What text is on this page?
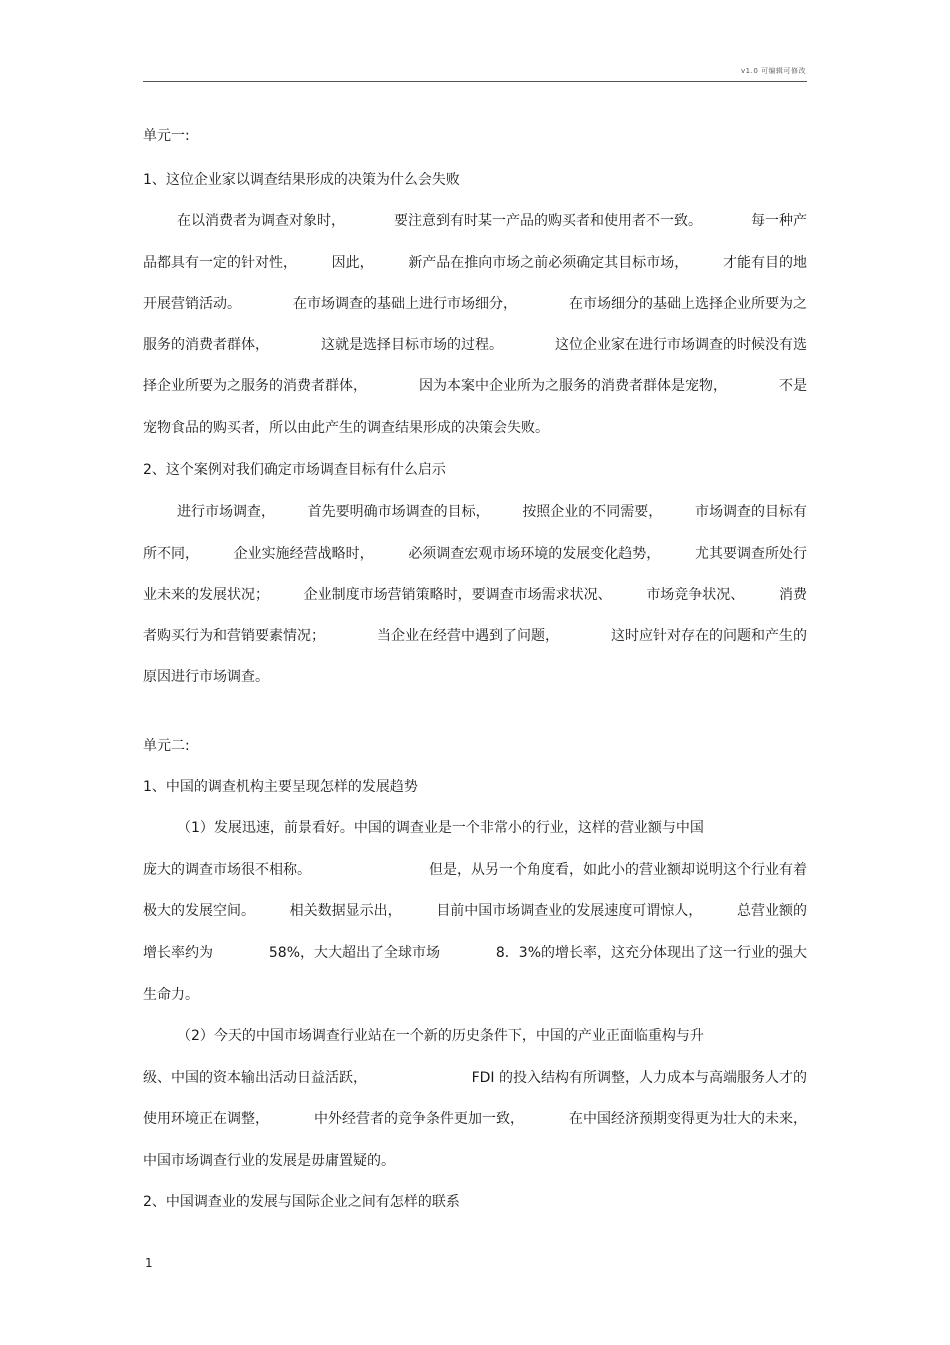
v1.0 可编辑可修改
单元一:
1、这位企业家以调查结果形成的决策为什么会失败
在以消费者为调查对象时，	要注意到有时某一产品的购买者和使用者不一致。	每一种产
品都具有一定的针对性， 因此， 新产品在推向市场之前必须确定其目标市场， 才能有目的地
开展营销活动。	在市场调查的基础上进行市场细分，	在市场细分的基础上选择企业所要为之
服务的消费者群体，	这就是选择目标市场的过程。	这位企业家在进行市场调查的时候没有选
择企业所要为之服务的消费者群体，	因为本案中企业所为之服务的消费者群体是宠物，	不是
宠物食品的购买者，所以由此产生的调查结果形成的决策会失败。
2、这个案例对我们确定市场调查目标有什么启示
进行市场调查， 首先要明确市场调查的目标， 按照企业的不同需要， 市场调查的目标有
所不同， 企业实施经营战略时， 必须调查宏观市场环境的发展变化趋势， 尤其要调查所处行
业未来的发展状况； 企业制度市场营销策略时，要调查市场需求状况、 市场竞争状况、 消费
者购买行为和营销要素情况；	当企业在经营中遇到了问题，	这时应针对存在的问题和产生的
原因进行市场调查。
单元二:
1、中国的调查机构主要呈现怎样的发展趋势
（1）发展迅速，前景看好。中国的调查业是一个非常小的行业，这样的营业额与中国
庞大的调查市场很不相称。	但是，从另一个角度看，如此小的营业额却说明这个行业有着
极大的发展空间。 相关数据显示出， 目前中国市场调查业的发展速度可谓惊人， 总营业额的
增长率约为	58%，大大超出了全球市场	8．3%的增长率，这充分体现出了这一行业的强大
生命力。
（2）今天的中国市场调查行业站在一个新的历史条件下，中国的产业正面临重构与升
级、中国的资本输出活动日益活跃，	FDI 的投入结构有所调整，人力成本与高端服务人才的
使用环境正在调整，	中外经营者的竞争条件更加一致，	在中国经济预期变得更为壮大的未来，
中国市场调查行业的发展是毋庸置疑的。
2、中国调查业的发展与国际企业之间有怎样的联系
1
